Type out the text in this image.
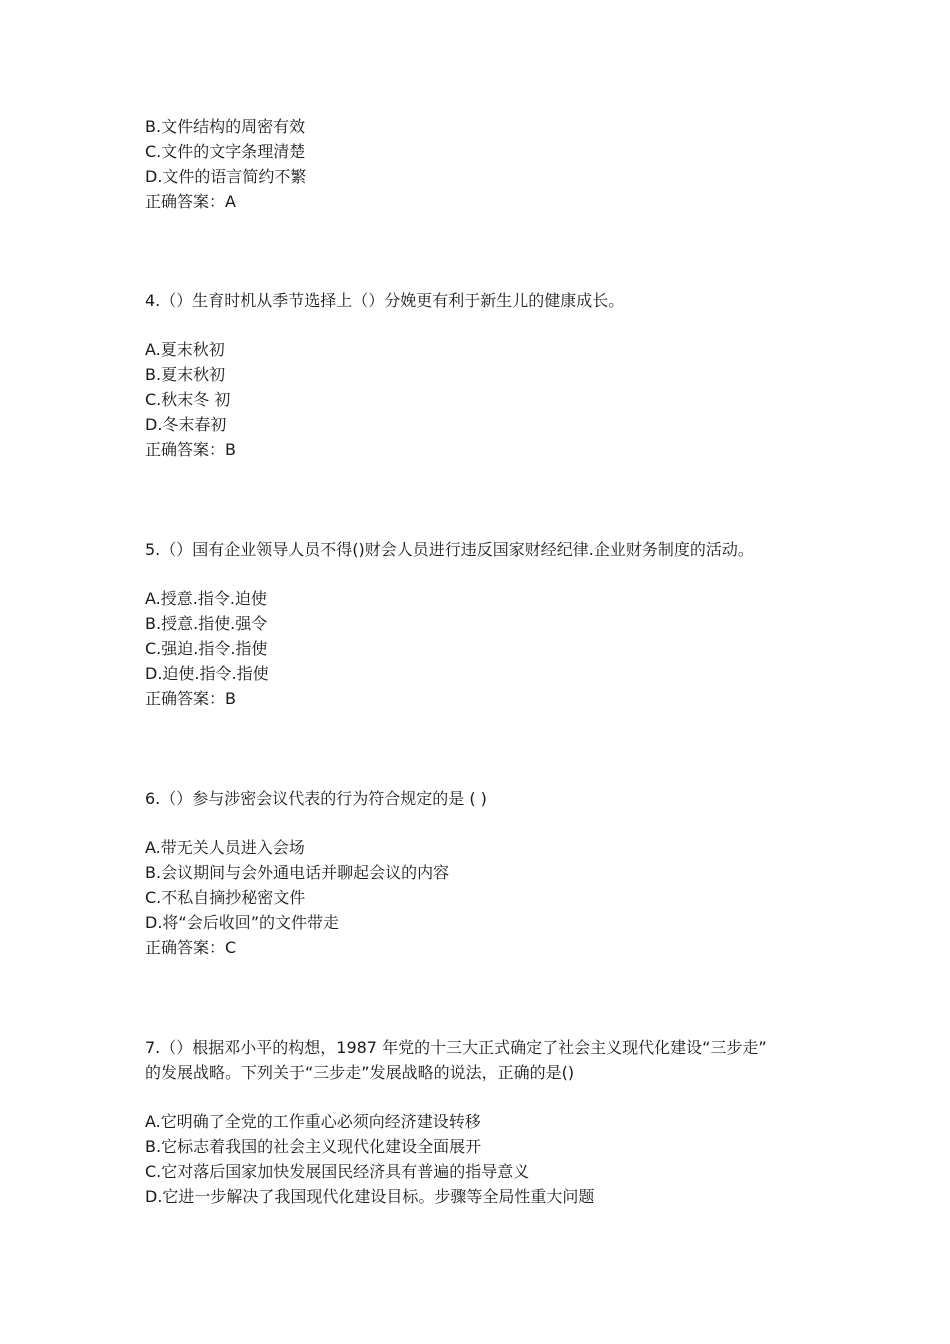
B.文件结构的周密有效
C.文件的文字条理清楚
D.文件的语言简约不繁
正确答案：A
4.（）生育时机从季节选择上（）分娩更有利于新生儿的健康成长。
A.夏末秋初
B.夏末秋初
C.秋末冬 初
D.冬末春初
正确答案：B
5.（）国有企业领导人员不得()财会人员进行违反国家财经纪律.企业财务制度的活动。
A.授意.指令.迫使
B.授意.指使.强令
C.强迫.指令.指使
D.迫使.指令.指使
正确答案：B
6.（）参与涉密会议代表的行为符合规定的是 ( )
A.带无关人员进入会场
B.会议期间与会外通电话并聊起会议的内容
C.不私自摘抄秘密文件
D.将“会后收回”的文件带走
正确答案：C
7.（）根据邓小平的构想，1987 年党的十三大正式确定了社会主义现代化建设“三步走”
的发展战略。下列关于“三步走”发展战略的说法，正确的是()
A.它明确了全党的工作重心必须向经济建设转移
B.它标志着我国的社会主义现代化建设全面展开
C.它对落后国家加快发展国民经济具有普遍的指导意义
D.它进一步解决了我国现代化建设目标。步骤等全局性重大问题
